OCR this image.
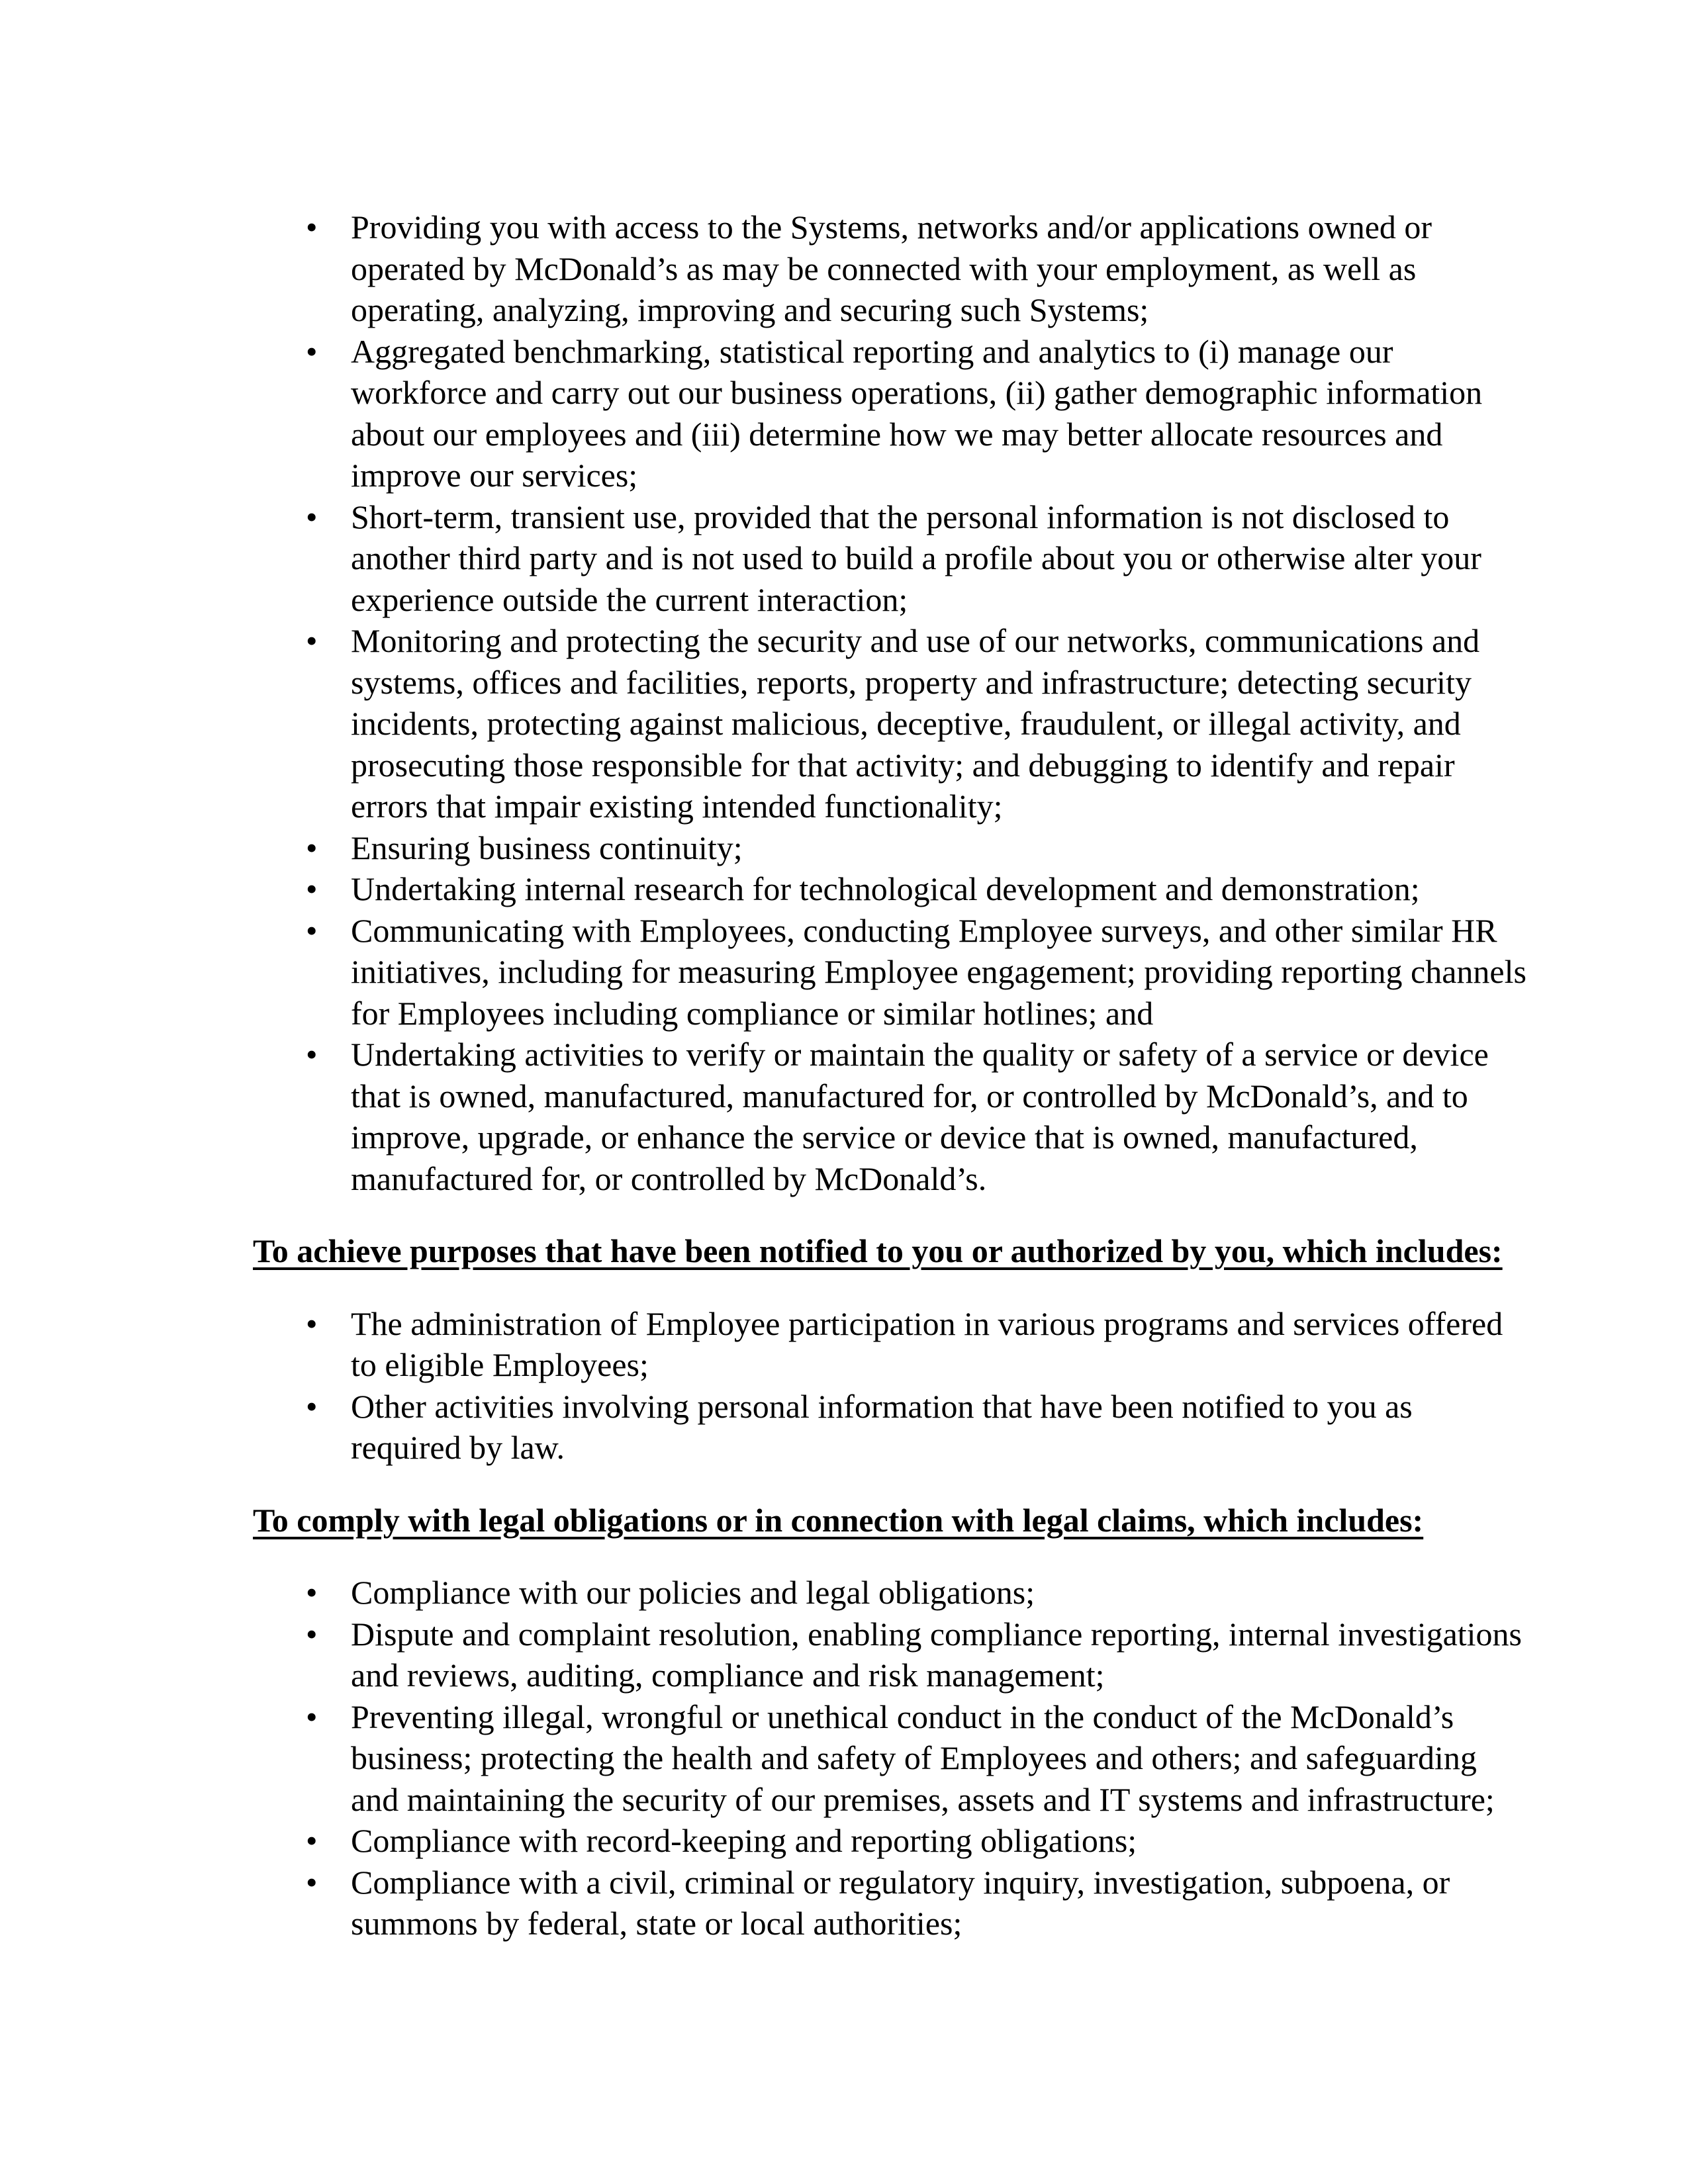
• Providing you with access to the Systems, networks and/or applications owned or operated by McDonald’s as may be connected with your employment, as well as operating, analyzing, improving and securing such Systems;
• Aggregated benchmarking, statistical reporting and analytics to (i) manage our workforce and carry out our business operations, (ii) gather demographic information about our employees and (iii) determine how we may better allocate resources and improve our services;
• Short-term, transient use, provided that the personal information is not disclosed to another third party and is not used to build a profile about you or otherwise alter your experience outside the current interaction;
• Monitoring and protecting the security and use of our networks, communications and systems, offices and facilities, reports, property and infrastructure; detecting security incidents, protecting against malicious, deceptive, fraudulent, or illegal activity, and prosecuting those responsible for that activity; and debugging to identify and repair errors that impair existing intended functionality;
• Ensuring business continuity;
• Undertaking internal research for technological development and demonstration;
• Communicating with Employees, conducting Employee surveys, and other similar HR initiatives, including for measuring Employee engagement; providing reporting channels for Employees including compliance or similar hotlines; and
• Undertaking activities to verify or maintain the quality or safety of a service or device that is owned, manufactured, manufactured for, or controlled by McDonald’s, and to improve, upgrade, or enhance the service or device that is owned, manufactured, manufactured for, or controlled by McDonald’s.

To achieve purposes that have been notified to you or authorized by you, which includes:

• The administration of Employee participation in various programs and services offered to eligible Employees;
• Other activities involving personal information that have been notified to you as required by law.

To comply with legal obligations or in connection with legal claims, which includes:

• Compliance with our policies and legal obligations;
• Dispute and complaint resolution, enabling compliance reporting, internal investigations and reviews, auditing, compliance and risk management;
• Preventing illegal, wrongful or unethical conduct in the conduct of the McDonald’s business; protecting the health and safety of Employees and others; and safeguarding and maintaining the security of our premises, assets and IT systems and infrastructure;
• Compliance with record-keeping and reporting obligations;
• Compliance with a civil, criminal or regulatory inquiry, investigation, subpoena, or summons by federal, state or local authorities;
